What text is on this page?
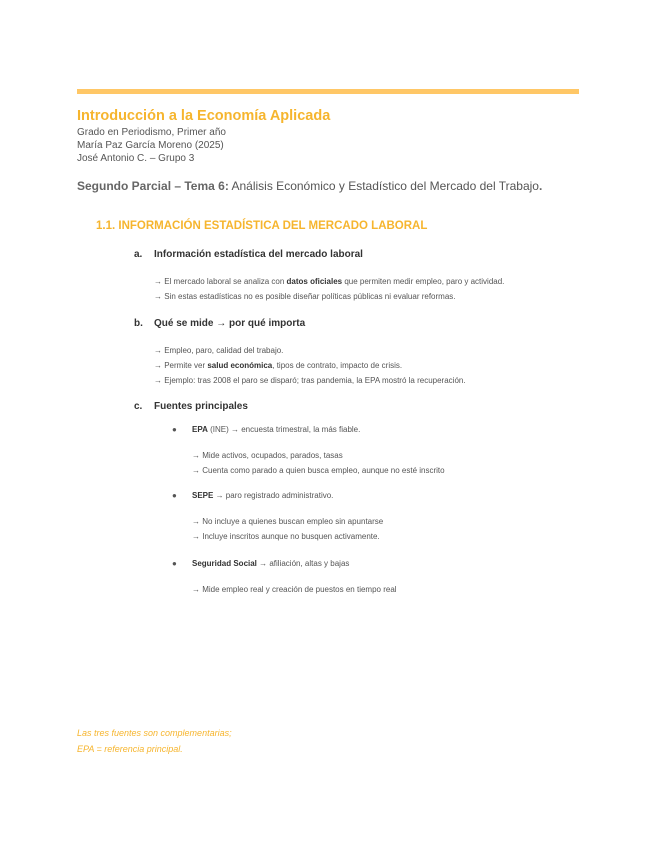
Introducción a la Economía Aplicada
Grado en Periodismo, Primer año
María Paz García Moreno (2025)
José Antonio C. – Grupo 3
Segundo Parcial – Tema 6: Análisis Económico y Estadístico del Mercado del Trabajo.
1.1. INFORMACIÓN ESTADÍSTICA DEL MERCADO LABORAL
a. Información estadística del mercado laboral
→ El mercado laboral se analiza con datos oficiales que permiten medir empleo, paro y actividad.
→ Sin estas estadísticas no es posible diseñar políticas públicas ni evaluar reformas.
b. Qué se mide → por qué importa
→ Empleo, paro, calidad del trabajo.
→ Permite ver salud económica, tipos de contrato, impacto de crisis.
→ Ejemplo: tras 2008 el paro se disparó; tras pandemia, la EPA mostró la recuperación.
c. Fuentes principales
● EPA (INE) → encuesta trimestral, la más fiable.
→ Mide activos, ocupados, parados, tasas
→ Cuenta como parado a quien busca empleo, aunque no esté inscrito
● SEPE → paro registrado administrativo.
→ No incluye a quienes buscan empleo sin apuntarse
→ Incluye inscritos aunque no busquen activamente.
● Seguridad Social → afiliación, altas y bajas
→ Mide empleo real y creación de puestos en tiempo real
Las tres fuentes son complementarias;
EPA = referencia principal.
